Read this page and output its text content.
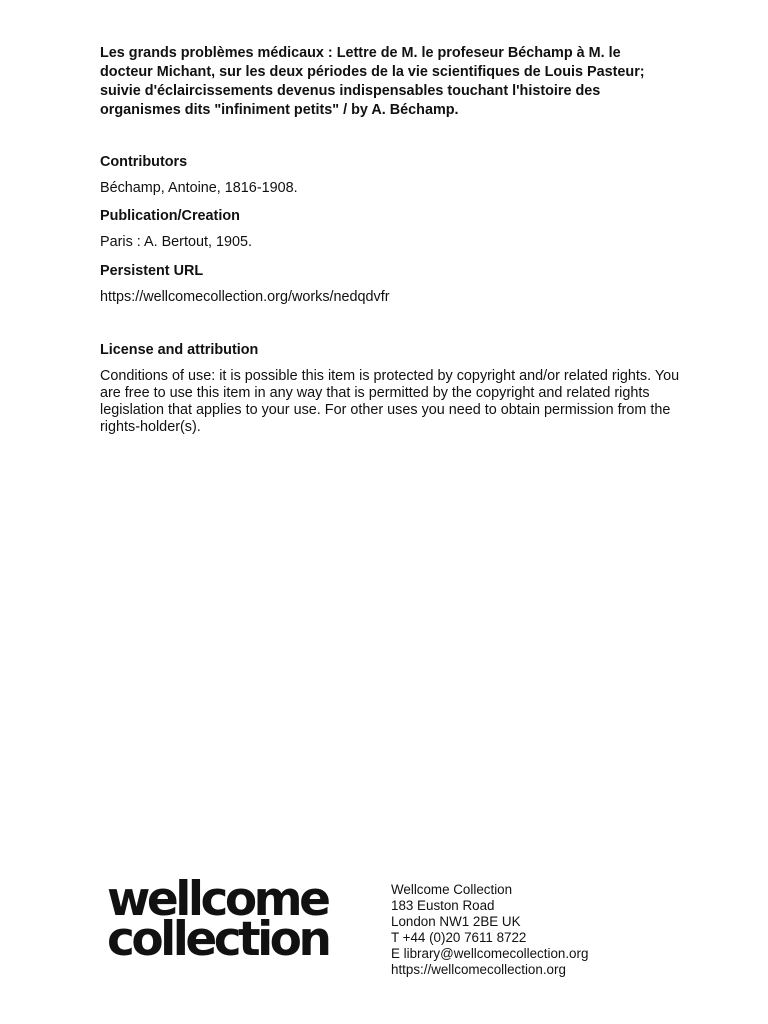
Les grands problèmes médicaux : Lettre de M. le profeseur Béchamp à M. le docteur Michant, sur les deux périodes de la vie scientifiques de Louis Pasteur; suivie d'éclaircissements devenus indispensables touchant l'histoire des organismes dits "infiniment petits" / by A. Béchamp.

Contributors

Béchamp, Antoine, 1816-1908.

Publication/Creation

Paris : A. Bertout, 1905.

Persistent URL

https://wellcomecollection.org/works/nedqdvfr

License and attribution

Conditions of use: it is possible this item is protected by copyright and/or related rights. You are free to use this item in any way that is permitted by the copyright and related rights legislation that applies to your use. For other uses you need to obtain permission from the rights-holder(s).

wellcome
collection
Wellcome Collection
183 Euston Road
London NW1 2BE UK
T +44 (0)20 7611 8722
E library@wellcomecollection.org
https://wellcomecollection.org
